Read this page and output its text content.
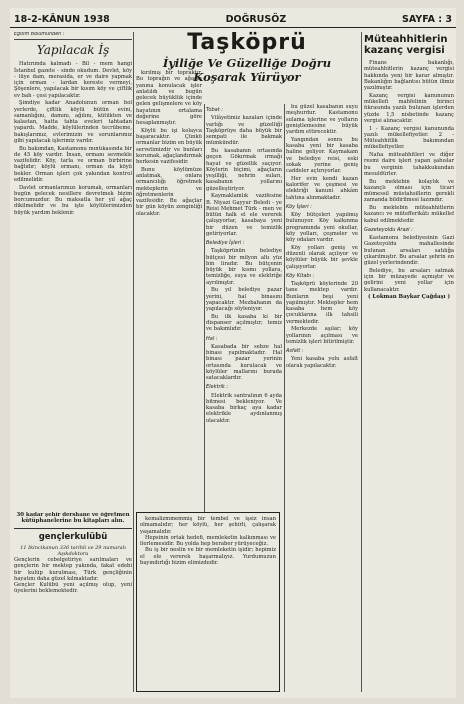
18-2-KÂNUN 1938	DOĞRUSÖZ	SAYFA : 3
Eğitim Bölümünden :
Yapılacak İş

Hatırımda kalmadı - Bil - mem hangi İstanbul gazete - sinde okudum. Devlet, köy - lüye dam, merasida, er ve daire yapmak için orman - lardan kereste vermeyi, Şöşenlere, yapılacak bir kısım köy ve çiftlik ev bah - çesi yapılacaktır.

Şimdiye kadar Anadolunun orman bol yerlerde, çiftlik köylü bütün evini, samanlığını, damını, ağılını, kütükten ve kalastan, hatta tahta eveleri tahtadan yapardı. Madde, köylülerinden tecrübeme, bakışlarımız, evlerimizin ve sorunlarımız gibi yapılacak işlerimiz vardır.

Bu bakımdan, Kastamonu mıntıkasında bir de 45 köy vardır. İnsan, ormanı sevmekle vazifelidir. Köy, tarla ve orman birbirine bağlıdır; köylü ormanı, orman da köyü bekler. Orman işleri çok yakından kontrol edilmelidir.

Davlet ormanlarımızı korumak, ormanları bugün gelecek nesillere devretmek bizim borcumuzdur. Bu maksatla her yıl ağaç dikilmelidir ve bu işte köylülerimizden büyük yardım beklenir.

Taşköprü
İyiliğe Ve Güzelliğe Doğru
Koşarak Yürüyor

kırılmış bir topraktır. Bu toprağın ve ağacın yanına konulacak işler anlatıldı ve bugün gelecek büyüklük içinde gelen gelişmelere ve köy hayatının ortalama değerine göre hesaplanmıştır.

Köylü bu işi kolayca başaracaktır. Çünkü ormanlar bizim en büyük servetimizdir ve bunları korumak, ağaçlandırmak herkesin vazifesidir.

Bunu köylümüze anlatmak, onlara ormancılığı öğretmek mekteplerin ve öğretmenlerin vazifesidir. Bu ağaçlar bir gün köyün zenginliği olacaktır.

Tobat :

Vilâyetimiz kazaları içinde varlığı ve güzelliği Taşköprüye daha büyük bir sempati ile bakmak mümkündür.

Bu kasabanın ortasında geçen Gökırmak ırmağı hayat ve güzellik saçıyor. Köylerin biçimi, ağaçların yeşilliği, nehrin suları, kasabanın yollarını güzelleştiriyor.

Kaymaklamlık vazifesine B. Niyazi Gayyur Beledi - ye Reisi Mehmet Türk - men ve bütün halk el ele vererek çalışıyorlar, kasabaya yeni bir düzen ve temizlik getiriyorlar.

Belediye İşleri :

Taşköprünün belediye bütçesi bir milyon altı yüz bin liradır. Bu bütçenin büyük bir kısmı yollara, temizliğe, suya ve elektriğe ayrılmıştır.

Bu yıl belediye pazar yerini, hal binasını yapacaktır. Mezbahanın da yapılacağı söyleniyor.

Bu ilk kasaba ki bir dispanser açılmıştır; temiz ve bakımlıdır.

Hal :

Kasabada bir sebze hal binası yapılmaktadır. Hal binası pazar yerinin ortasında kurulacak ve köylüler mallarını burada satacaklardır.

Elektrik :

Elektrik santralının 6 ayda bitmesi bekleniyor. Ve kasaba birkaç aya kadar elektrikle aydınlanmış olacaktır.

bu güzel kasabanın suyu meşhurdur. Kastamonu sulama işlerine ve yolların geniştlemesine büyük yardım ettirecektir.

Yangından sonra bu kasaba yeni bir kasaba haline geliyor. Kaymakam ve belediye reisi, eski sokak yerine geniş caddeler açtırıyorlar.

Her evin kendi kazan kalorifer ve çeşmesi ve elektriği kanuni ahkâm tahtına alınmaktadır.

Köy İşleri :

Köy bütçeleri yapılmış bulunuyor. Köy kalkınma programında yeni okullar, köy yolları, çeşmeler ve köy odaları vardır.

Köy yolları geniş ve düzenli olarak açılıyor ve köylüler büyük bir şevkle çalışıyorlar.

Köy Kitabı :

Taşköprü köylerinde 20 tane mektep vardır. Bunların beşi yeni yapılmıştır. Mektepler hem kasaba hem köy çocuklarına ilk tahsili vermektedir.

Merkezde aşılar; köy yollarının açılması ve temizlik işleri bitirilmiştir.

Asfalt :

Yeni kasaba yolu asfalt olarak yapılacaktır.

Müteahhitlerin kazanç vergisi

Finans bakanlığı, müteahhitlerin kazanç vergisi hakkında yeni bir karar almıştır. Bakanlığın bağlantısı bütün ilimiz yazılmıştır.

Kazanç vergisi kanununun mükellefi mahfelinin birinci fıkrasında yazılı bulunan işlerden yüzde 1,5 nisbetinde kazanç vergisi alınacaktır.

1 - Kazanç vergisi kanununda yazılı mükellefiyetler. 2 - Müteahhitlik bakımından mükellefiyetler.

Nafıa müteahhitleri ve diğer resmi daire işleri yapan şahıslar bu verginin tahakkukundan mesuldürler.

Bu mektebin kolaylık ve kazançlı olması için ticari mümessil müstahsillerin gerekli zamanda bildirilmesi lazımdır.

Bu mektebin müteahhitlerin kazancı ve mütefferikâtı mükellef kabul edilmektedir.

Gazeteyoldu Arazi :

Kastamonu belediyesinin Gazi Gazeteyoldu mahallesinde bulunan arsaları satılığa çıkarılmıştır. Bu arsalar şehrin en güzel yerlerindendir.

Belediye, bu arsaları satmak için bir müzayede açmıştır ve gelirini yeni yollar için kullanacaktır.

( Lokman Baykar Çağdaşı )
30 kadar şehir dershane ve öğretmen kütüphanelerine bu kitapları alın.
gençlerkulübü
11 Ikincikanun 336 tarihli ve 29 numaralı Aşıkdoktoru

Gençlerin cebelgetiriye sarılmaları ve gençlerin bir mektep yakında, fakat edebi bir kulüp kurulması, Türk gençliğinin hayatını daha güzel kılmaktadır.

Gençler Kulübü yeni açılmış olup, yeni üyelerini beklemektedir.

kemalizmmemmiş bir tembel ve işsiz insan olmamalıdır; her köylü, her şehirli, çalışarak yaşamalıdır.

Hepsinin ortak hedefi, memleketin kalkınması ve ilerlemesidir. Bu yolda hep beraber yürüyeceğiz.

Bu iş bir neslin ve bir memleketin işidir; hepimiz el ele vererek başarmalıyız. Yurdumuzun bayındırlığı bizim elimizdedir.
